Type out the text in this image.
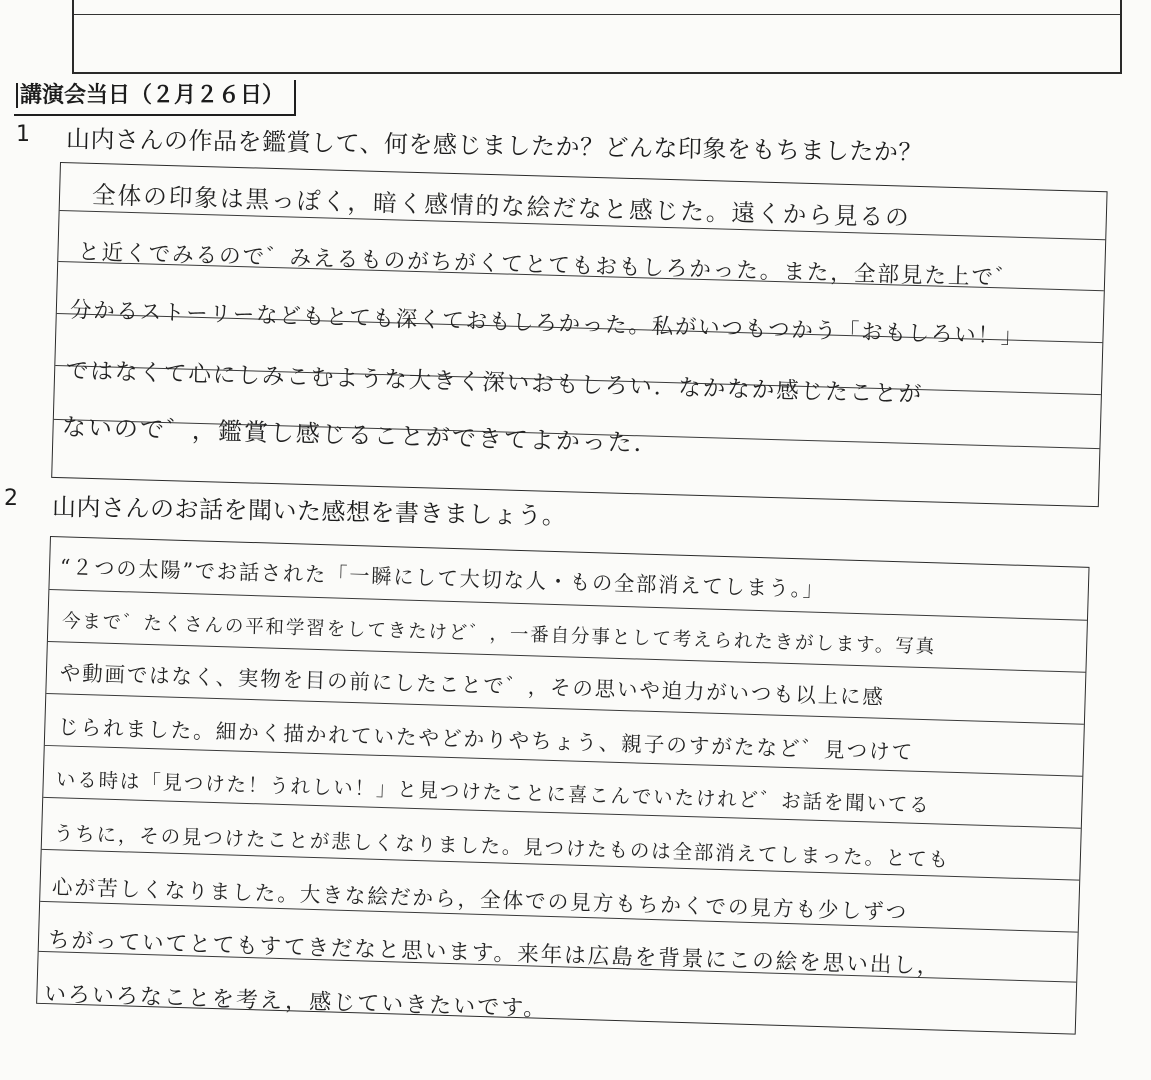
講演会当日（２月２６日）
1 山内さんの作品を鑑賞して、何を感じましたか？どんな印象をもちましたか？
全体の印象は黒っぽく，暗く感情的な絵だなと感じた。遠くから見るの
と近くでみるので゛みえるものがちがくてとてもおもしろかった。また，全部見た上で゛
分かるストーリーなどもとても深くておもしろかった。私がいつもつかう「おもしろい！」
ではなくて心にしみこむような大きく深いおもしろい．なかなか感じたことが
ないので゛，鑑賞し感じることができてよかった．
2 山内さんのお話を聞いた感想を書きましょう。
“２つの太陽”でお話された「一瞬にして大切な人・もの全部消えてしまう。」
今まで゛たくさんの平和学習をしてきたけど゛，一番自分事として考えられたきがします。写真
や動画ではなく、実物を目の前にしたことで゛，その思いや迫力がいつも以上に感
じられました。細かく描かれていたやどかりやちょう、親子のすがたなど゛見つけて
いる時は「見つけた！うれしい！」と見つけたことに喜こんでいたけれど゛お話を聞いてる
うちに，その見つけたことが悲しくなりました。見つけたものは全部消えてしまった。とても
心が苦しくなりました。大きな絵だから，全体での見方もちかくでの見方も少しずつ
ちがっていてとてもすてきだなと思います。来年は広島を背景にこの絵を思い出し，
いろいろなことを考え，感じていきたいです。
